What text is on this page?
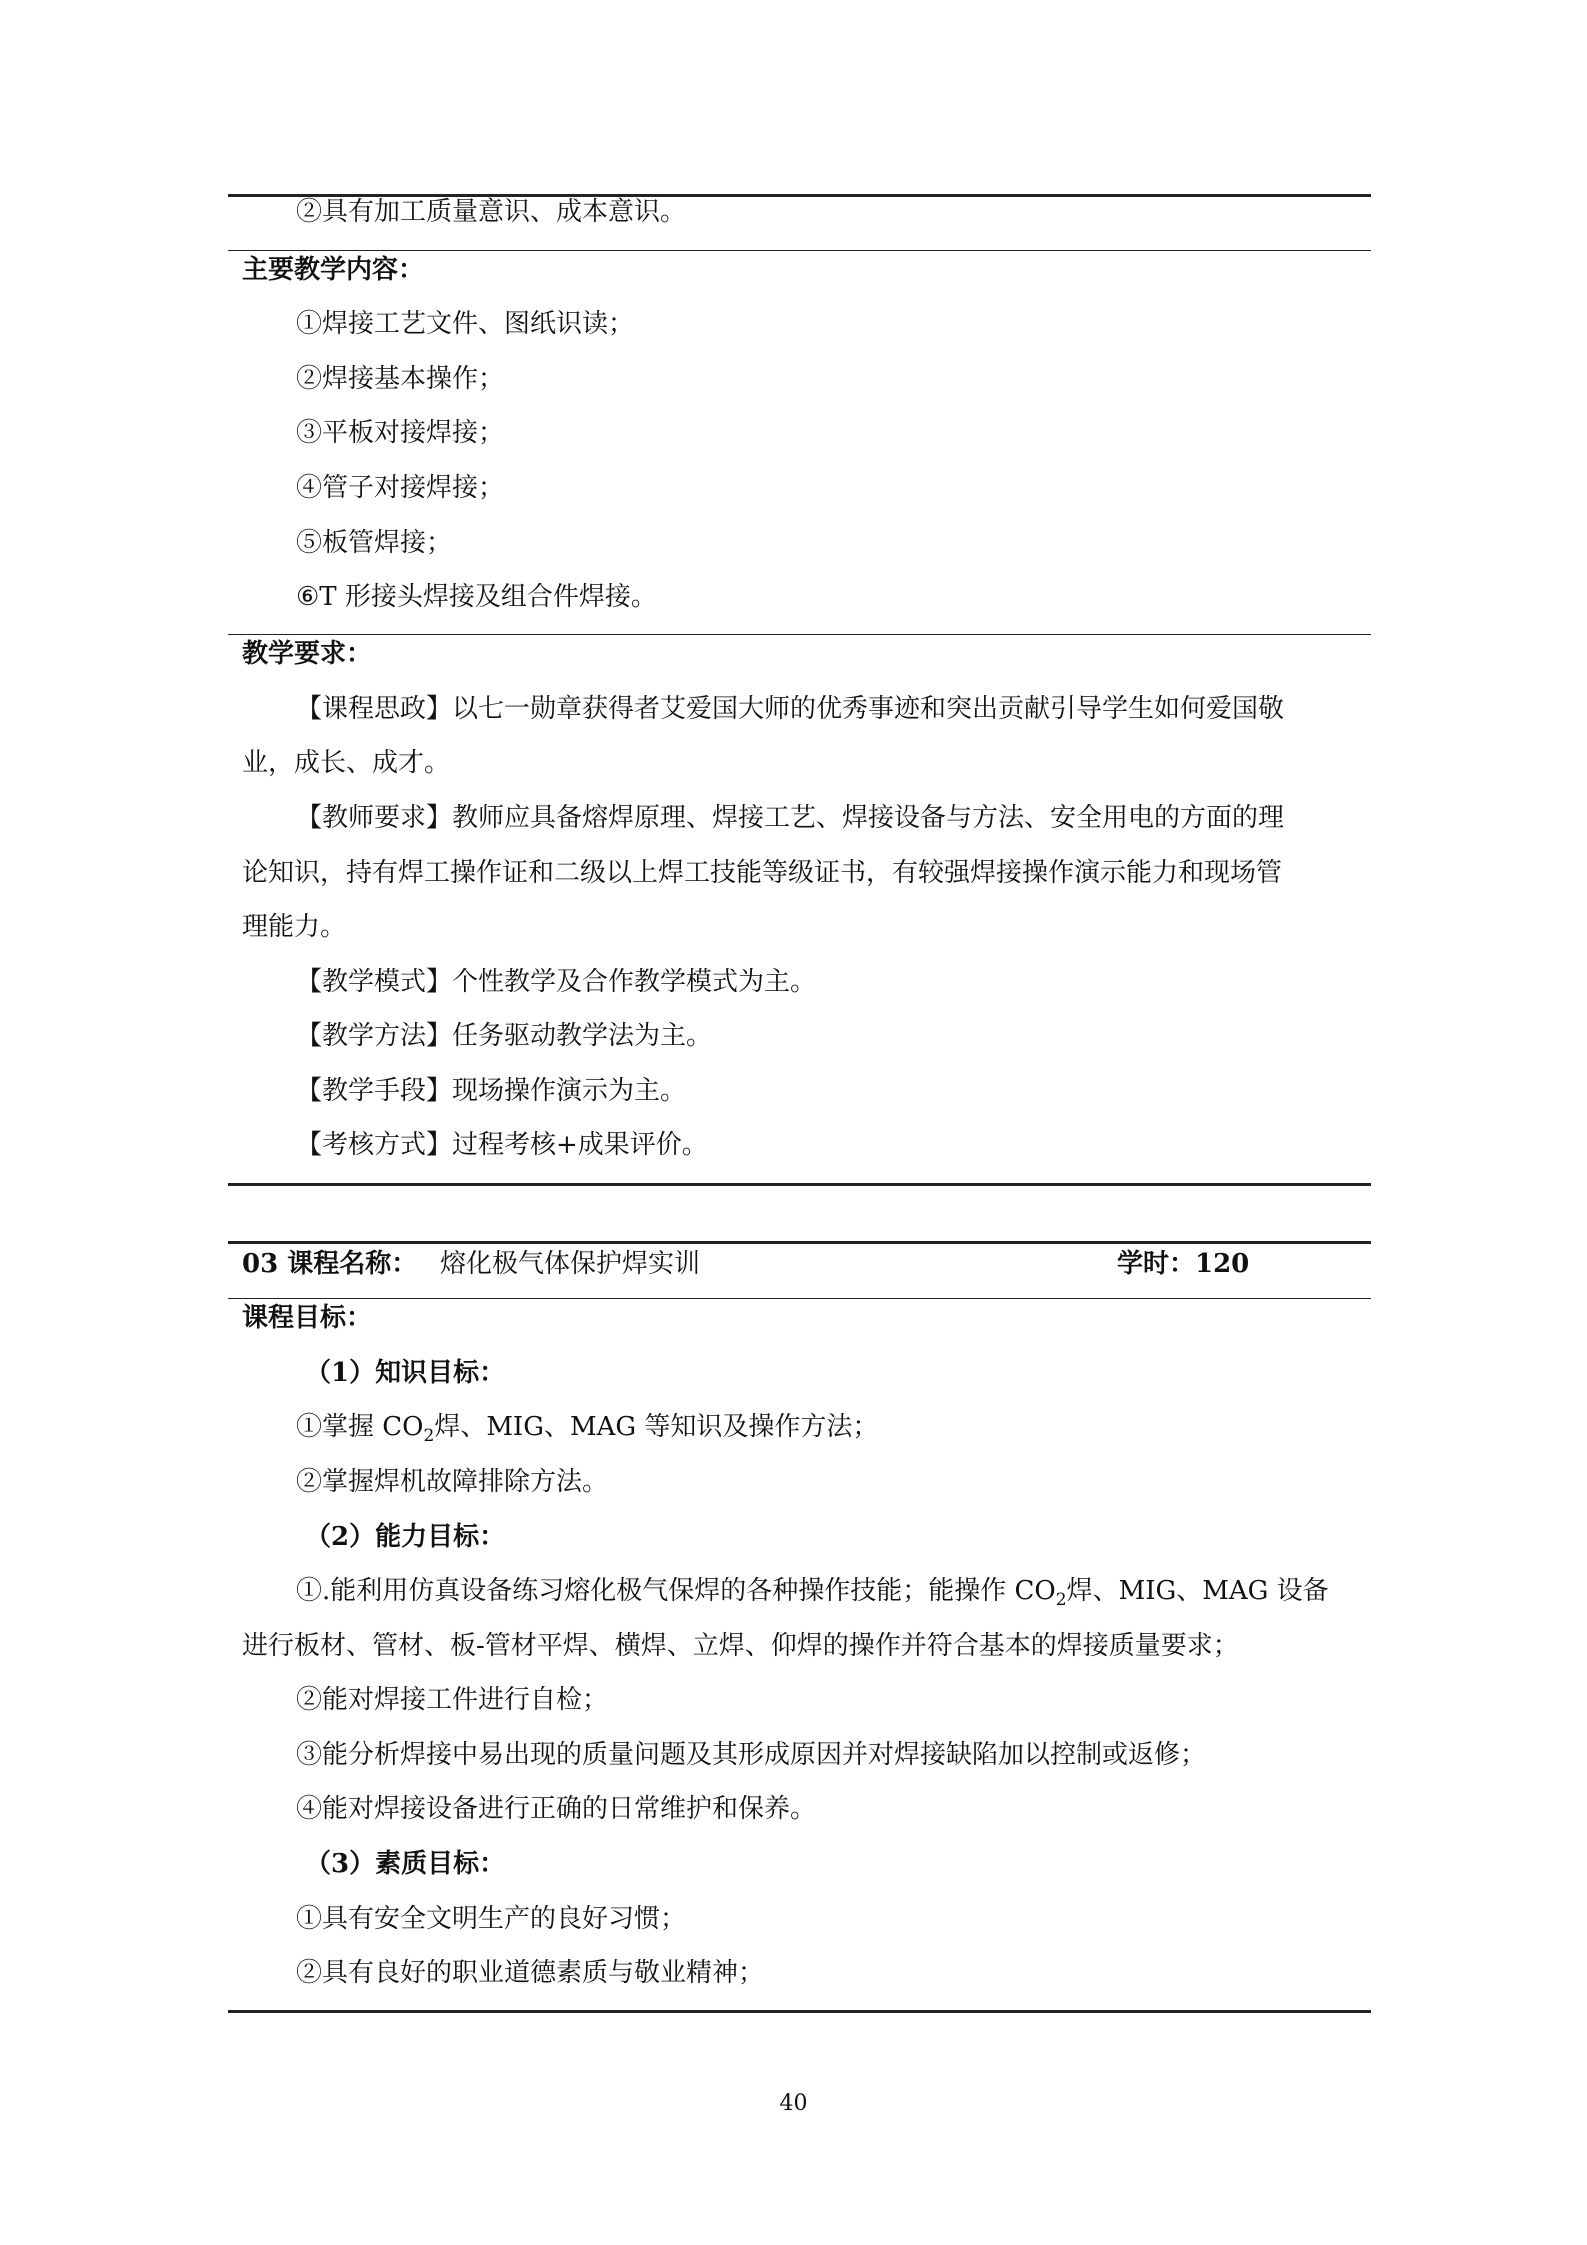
②具有加工质量意识、成本意识。
主要教学内容：
①焊接工艺文件、图纸识读；
②焊接基本操作；
③平板对接焊接；
④管子对接焊接；
⑤板管焊接；
⑥T 形接头焊接及组合件焊接。
教学要求：
【课程思政】以七一勋章获得者艾爱国大师的优秀事迹和突出贡献引导学生如何爱国敬
业，成长、成才。
【教师要求】教师应具备熔焊原理、焊接工艺、焊接设备与方法、安全用电的方面的理
论知识，持有焊工操作证和二级以上焊工技能等级证书，有较强焊接操作演示能力和现场管
理能力。
【教学模式】个性教学及合作教学模式为主。
【教学方法】任务驱动教学法为主。
【教学手段】现场操作演示为主。
【考核方式】过程考核+成果评价。
03 课程名称： 熔化极气体保护焊实训	学时： 120
课程目标：
（1）知识目标：
①掌握 $CO_2$焊、MIG、MAG 等知识及操作方法；
②掌握焊机故障排除方法。
（2）能力目标：
①.能利用仿真设备练习熔化极气保焊的各种操作技能；能操作 $CO_2$焊、MIG、MAG 设备
进行板材、管材、板-管材平焊、横焊、立焊、仰焊的操作并符合基本的焊接质量要求；
②能对焊接工件进行自检；
③能分析焊接中易出现的质量问题及其形成原因并对焊接缺陷加以控制或返修；
④能对焊接设备进行正确的日常维护和保养。
（3）素质目标：
①具有安全文明生产的良好习惯；
②具有良好的职业道德素质与敬业精神；
40
